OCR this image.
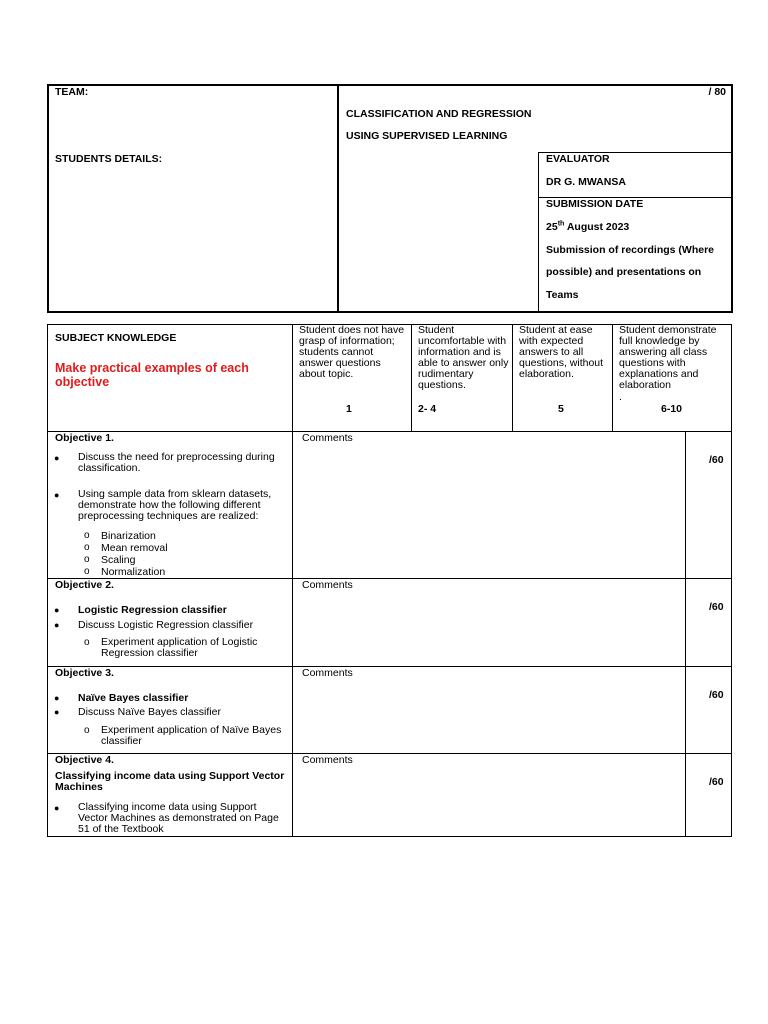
TEAM:	/ 80
CLASSIFICATION AND REGRESSION
USING SUPERVISED LEARNING
STUDENTS DETAILS:	EVALUATOR
DR G. MWANSA
SUBMISSION DATE
25th August 2023
Submission of recordings (Where
possible) and presentations on
Teams
SUBJECT KNOWLEDGE
Make practical examples of each objective
Student does not have grasp of information; students cannot answer questions about topic.
Student uncomfortable with information and is able to answer only rudimentary questions.
Student at ease with expected answers to all questions, without elaboration.
Student demonstrate full knowledge by answering all class questions with explanations and elaboration
.
1	2- 4	5	6-10
Objective 1.	Comments
/60
● Discuss the need for preprocessing during classification.
● Using sample data from sklearn datasets, demonstrate how the following different preprocessing techniques are realized:
o Binarization
o Mean removal
o Scaling
o Normalization
Objective 2.	Comments
/60
● Logistic Regression classifier
● Discuss Logistic Regression classifier
o Experiment application of Logistic Regression classifier
Objective 3.	Comments
/60
● Naïve Bayes classifier
● Discuss Naïve Bayes classifier
o Experiment application of Naïve Bayes classifier
Objective 4.	Comments
/60
Classifying income data using Support Vector Machines
● Classifying income data using Support Vector Machines as demonstrated on Page 51 of the Textbook
